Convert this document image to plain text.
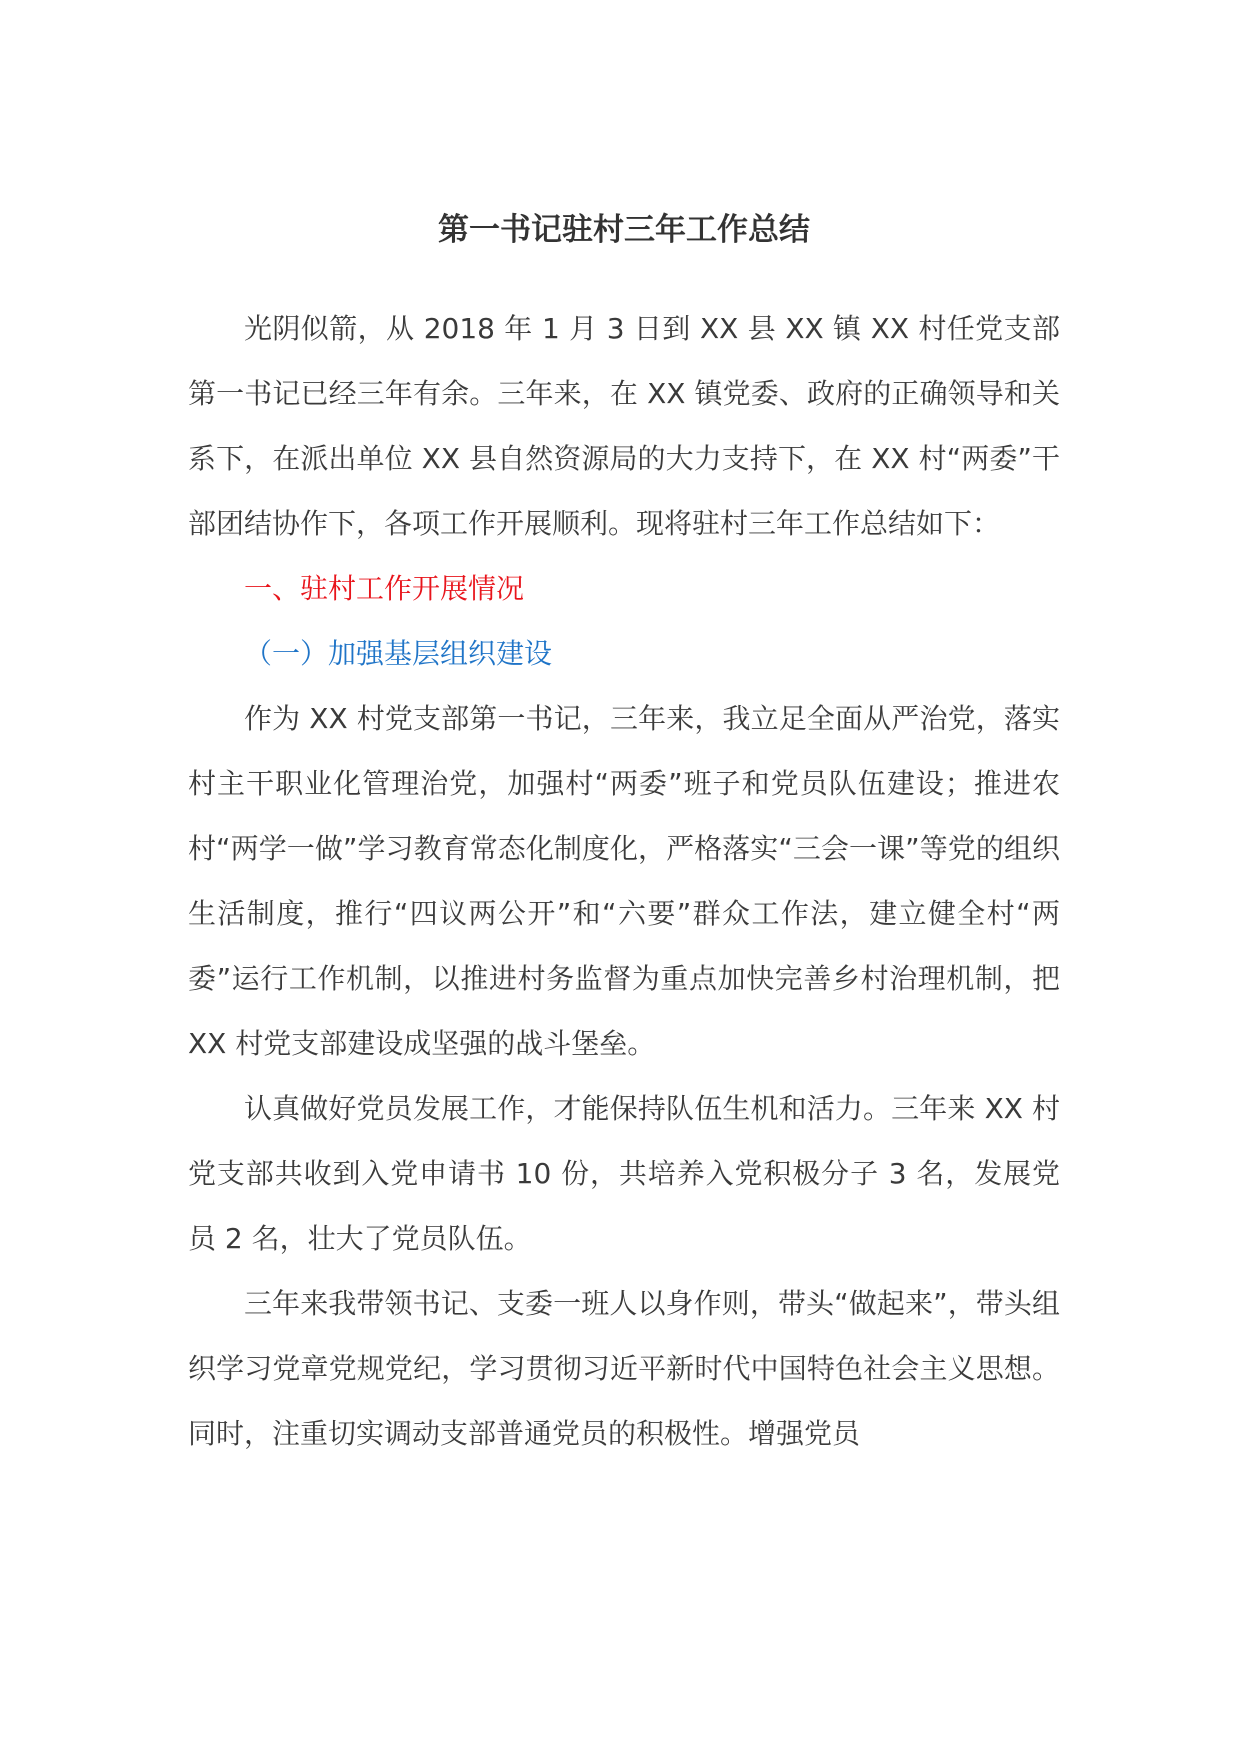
第一书记驻村三年工作总结

光阴似箭，从 2018 年 1 月 3 日到 XX 县 XX 镇 XX 村任党支部第一书记已经三年有余。三年来，在 XX 镇党委、政府的正确领导和关系下，在派出单位 XX 县自然资源局的大力支持下，在 XX 村“两委”干部团结协作下，各项工作开展顺利。现将驻村三年工作总结如下：

一、驻村工作开展情况

（一）加强基层组织建设

作为 XX 村党支部第一书记，三年来，我立足全面从严治党，落实村主干职业化管理治党，加强村“两委”班子和党员队伍建设；推进农村“两学一做”学习教育常态化制度化，严格落实“三会一课”等党的组织生活制度，推行“四议两公开”和“六要”群众工作法，建立健全村“两委”运行工作机制，以推进村务监督为重点加快完善乡村治理机制，把 XX 村党支部建设成坚强的战斗堡垒。

认真做好党员发展工作，才能保持队伍生机和活力。三年来 XX 村党支部共收到入党申请书 10 份，共培养入党积极分子 3 名，发展党员 2 名，壮大了党员队伍。

三年来我带领书记、支委一班人以身作则，带头“做起来”，带头组织学习党章党规党纪，学习贯彻习近平新时代中国特色社会主义思想。同时，注重切实调动支部普通党员的积极性。增强党员
